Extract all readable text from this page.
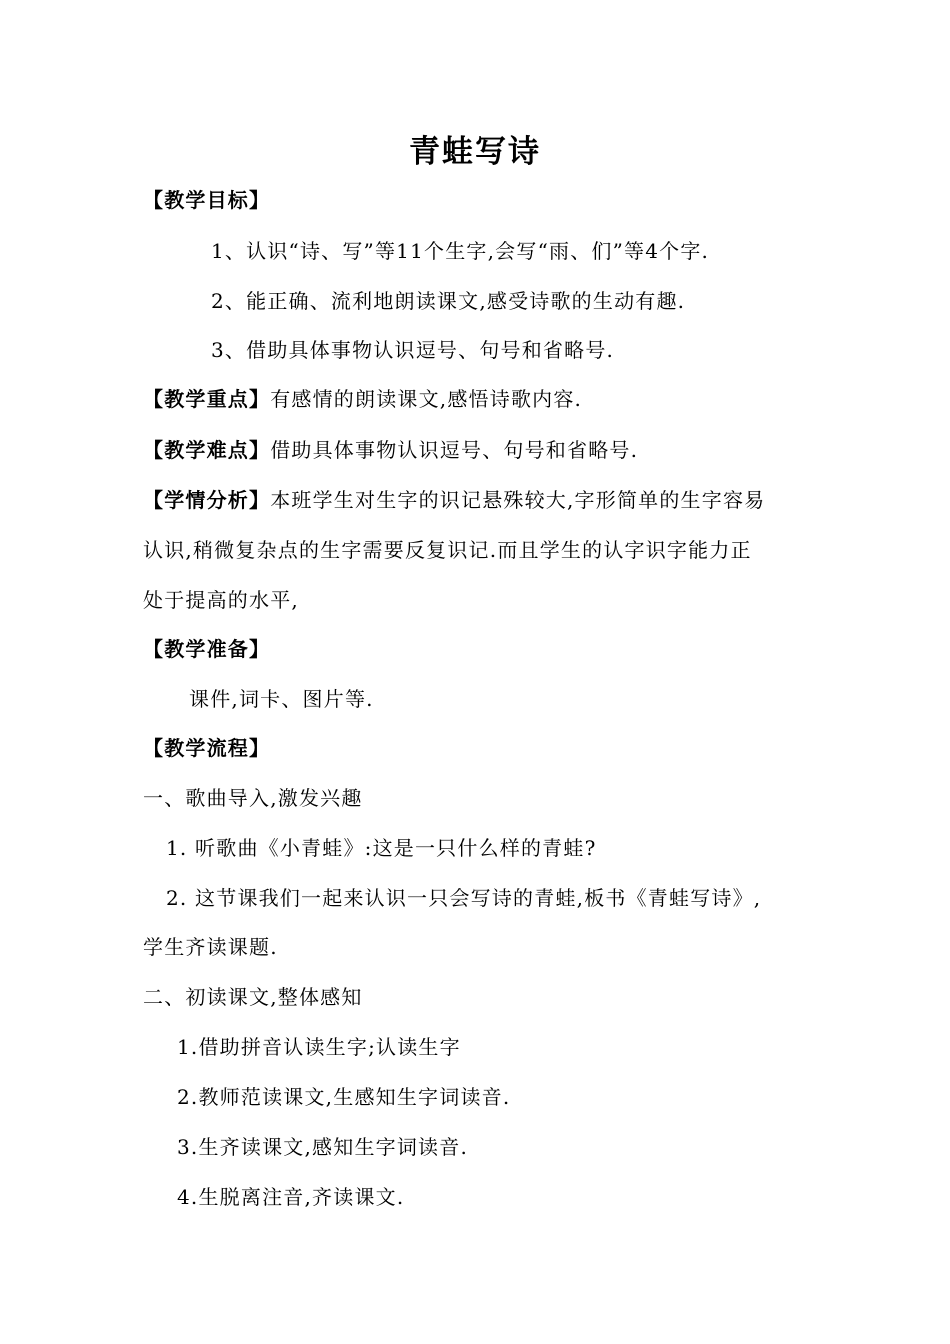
青蛙写诗
【教学目标】
1、认识“诗、写”等11个生字,会写“雨、们”等4个字.
2、能正确、流利地朗读课文,感受诗歌的生动有趣.
3、借助具体事物认识逗号、句号和省略号.
【教学重点】有感情的朗读课文,感悟诗歌内容.
【教学难点】借助具体事物认识逗号、句号和省略号.
【学情分析】本班学生对生字的识记悬殊较大,字形简单的生字容易
认识,稍微复杂点的生字需要反复识记.而且学生的认字识字能力正
处于提高的水平,
【教学准备】
课件,词卡、图片等.
【教学流程】
一、歌曲导入,激发兴趣
1. 听歌曲《小青蛙》:这是一只什么样的青蛙?
2. 这节课我们一起来认识一只会写诗的青蛙,板书《青蛙写诗》,
学生齐读课题.
二、初读课文,整体感知
1.借助拼音认读生字;认读生字
2.教师范读课文,生感知生字词读音.
3.生齐读课文,感知生字词读音.
4.生脱离注音,齐读课文.
